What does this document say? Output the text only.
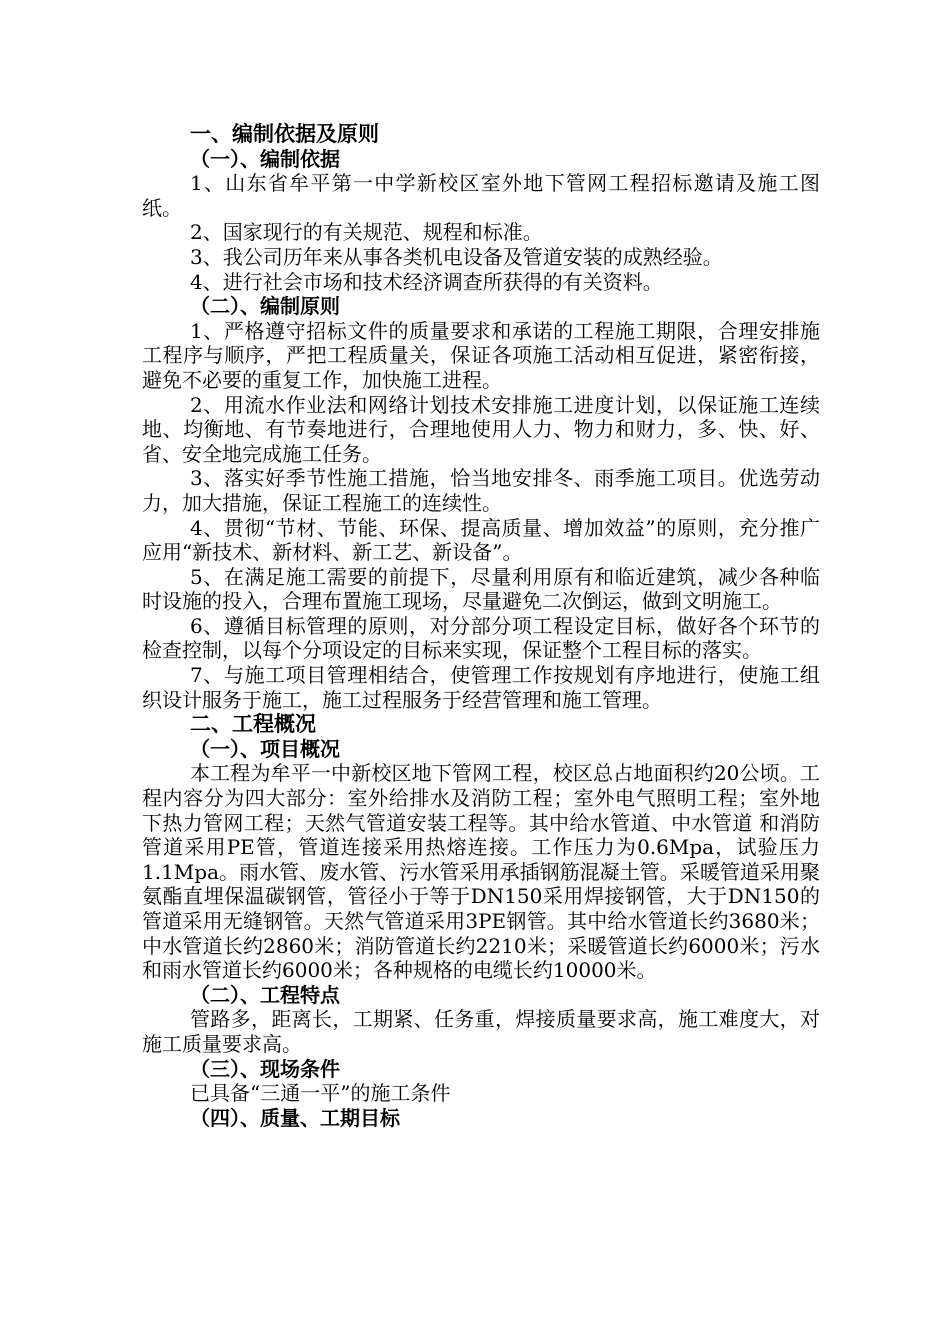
一、编制依据及原则
（一）、编制依据

1、山东省牟平第一中学新校区室外地下管网工程招标邀请及施工图纸。

2、国家现行的有关规范、规程和标准。

3、我公司历年来从事各类机电设备及管道安装的成熟经验。

4、进行社会市场和技术经济调查所获得的有关资料。

（二）、编制原则

1、严格遵守招标文件的质量要求和承诺的工程施工期限，合理安排施工程序与顺序，严把工程质量关，保证各项施工活动相互促进，紧密衔接，避免不必要的重复工作，加快施工进程。

2、用流水作业法和网络计划技术安排施工进度计划，以保证施工连续地、均衡地、有节奏地进行，合理地使用人力、物力和财力，多、快、好、省、安全地完成施工任务。

3、落实好季节性施工措施，恰当地安排冬、雨季施工项目。优选劳动力，加大措施，保证工程施工的连续性。

4、贯彻“节材、节能、环保、提高质量、增加效益”的原则，充分推广应用“新技术、新材料、新工艺、新设备”。

5、在满足施工需要的前提下，尽量利用原有和临近建筑，减少各种临时设施的投入，合理布置施工现场，尽量避免二次倒运，做到文明施工。

6、遵循目标管理的原则，对分部分项工程设定目标，做好各个环节的检查控制，以每个分项设定的目标来实现，保证整个工程目标的落实。

7、与施工项目管理相结合，使管理工作按规划有序地进行，使施工组织设计服务于施工，施工过程服务于经营管理和施工管理。

二、工程概况
（一）、项目概况

本工程为牟平一中新校区地下管网工程，校区总占地面积约20公顷。工程内容分为四大部分：室外给排水及消防工程；室外电气照明工程；室外地下热力管网工程；天然气管道安装工程等。其中给水管道、中水管道 和消防管道采用PE管，管道连接采用热熔连接。工作压力为0.6Mpa，试验压力1.1Mpa。雨水管、废水管、污水管采用承插钢筋混凝土管。采暖管道采用聚氨酯直埋保温碳钢管，管径小于等于DN150采用焊接钢管，大于DN150的管道采用无缝钢管。天然气管道采用3PE钢管。其中给水管道长约3680米；中水管道长约2860米；消防管道长约2210米；采暖管道长约6000米；污水和雨水管道长约6000米；各种规格的电缆长约10000米。

（二）、工程特点

管路多，距离长，工期紧、任务重，焊接质量要求高，施工难度大，对施工质量要求高。

（三）、现场条件

已具备“三通一平”的施工条件

（四）、质量、工期目标
